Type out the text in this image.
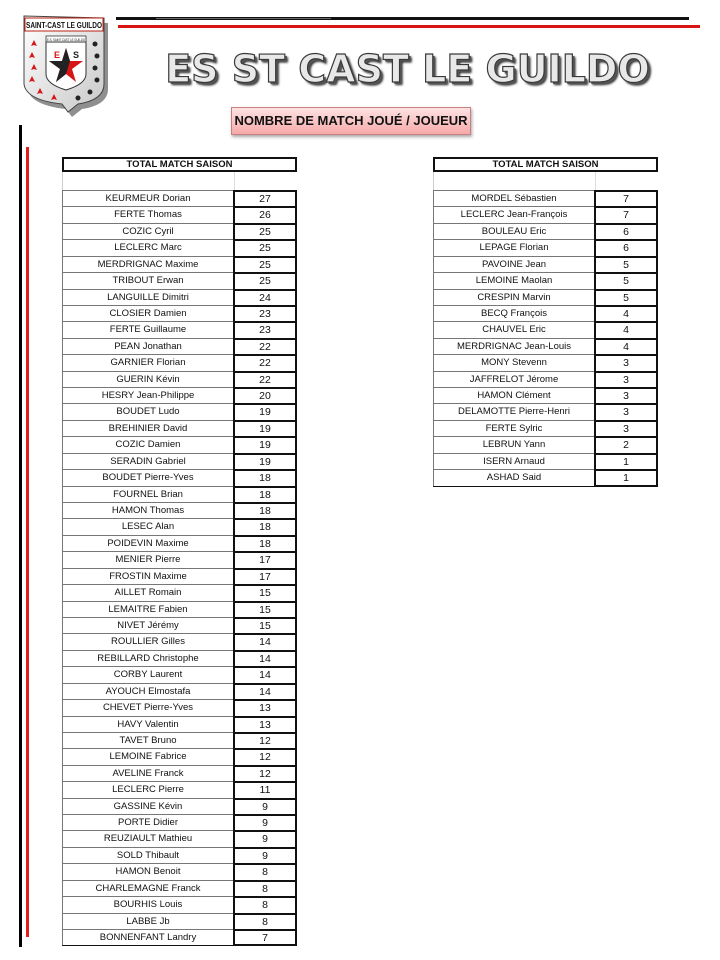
SAINT-CAST LE GUILDO
E.S. SAINT CAST LE GUILDO
E S ES ST CAST LE GUILDO
NOMBRE DE MATCH JOUÉ / JOUEUR
TOTAL MATCH SAISON
KEURMEUR Dorian	27
FERTE Thomas	26
COZIC Cyril	25
LECLERC Marc	25
MERDRIGNAC Maxime	25
TRIBOUT Erwan	25
LANGUILLE Dimitri	24
CLOSIER Damien	23
FERTE Guillaume	23
PEAN Jonathan	22
GARNIER Florian	22
GUERIN Kévin	22
HESRY Jean-Philippe	20
BOUDET Ludo	19
BREHINIER David	19
COZIC Damien	19
SERADIN Gabriel	19
BOUDET Pierre-Yves	18
FOURNEL Brian	18
HAMON Thomas	18
LESEC Alan	18
POIDEVIN Maxime	18
MENIER Pierre	17
FROSTIN Maxime	17
AILLET Romain	15
LEMAITRE Fabien	15
NIVET Jérémy	15
ROULLIER Gilles	14
REBILLARD Christophe	14
CORBY Laurent	14
AYOUCH Elmostafa	14
CHEVET Pierre-Yves	13
HAVY Valentin	13
TAVET Bruno	12
LEMOINE Fabrice	12
AVELINE Franck	12
LECLERC Pierre	11
GASSINE Kévin	9
PORTE Didier	9
REUZIAULT Mathieu	9
SOLD Thibault	9
HAMON Benoit	8
CHARLEMAGNE Franck	8
BOURHIS Louis	8
LABBE Jb	8
BONNENFANT Landry	7
TOTAL MATCH SAISON
MORDEL Sébastien	7
LECLERC Jean-François	7
BOULEAU Eric	6
LEPAGE Florian	6
PAVOINE Jean	5
LEMOINE Maolan	5
CRESPIN Marvin	5
BECQ François	4
CHAUVEL Eric	4
MERDRIGNAC Jean-Louis	4
MONY Stevenn	3
JAFFRELOT Jérome	3
HAMON Clément	3
DELAMOTTE Pierre-Henri	3
FERTE Sylric	3
LEBRUN Yann	2
ISERN Arnaud	1
ASHAD Said	1
